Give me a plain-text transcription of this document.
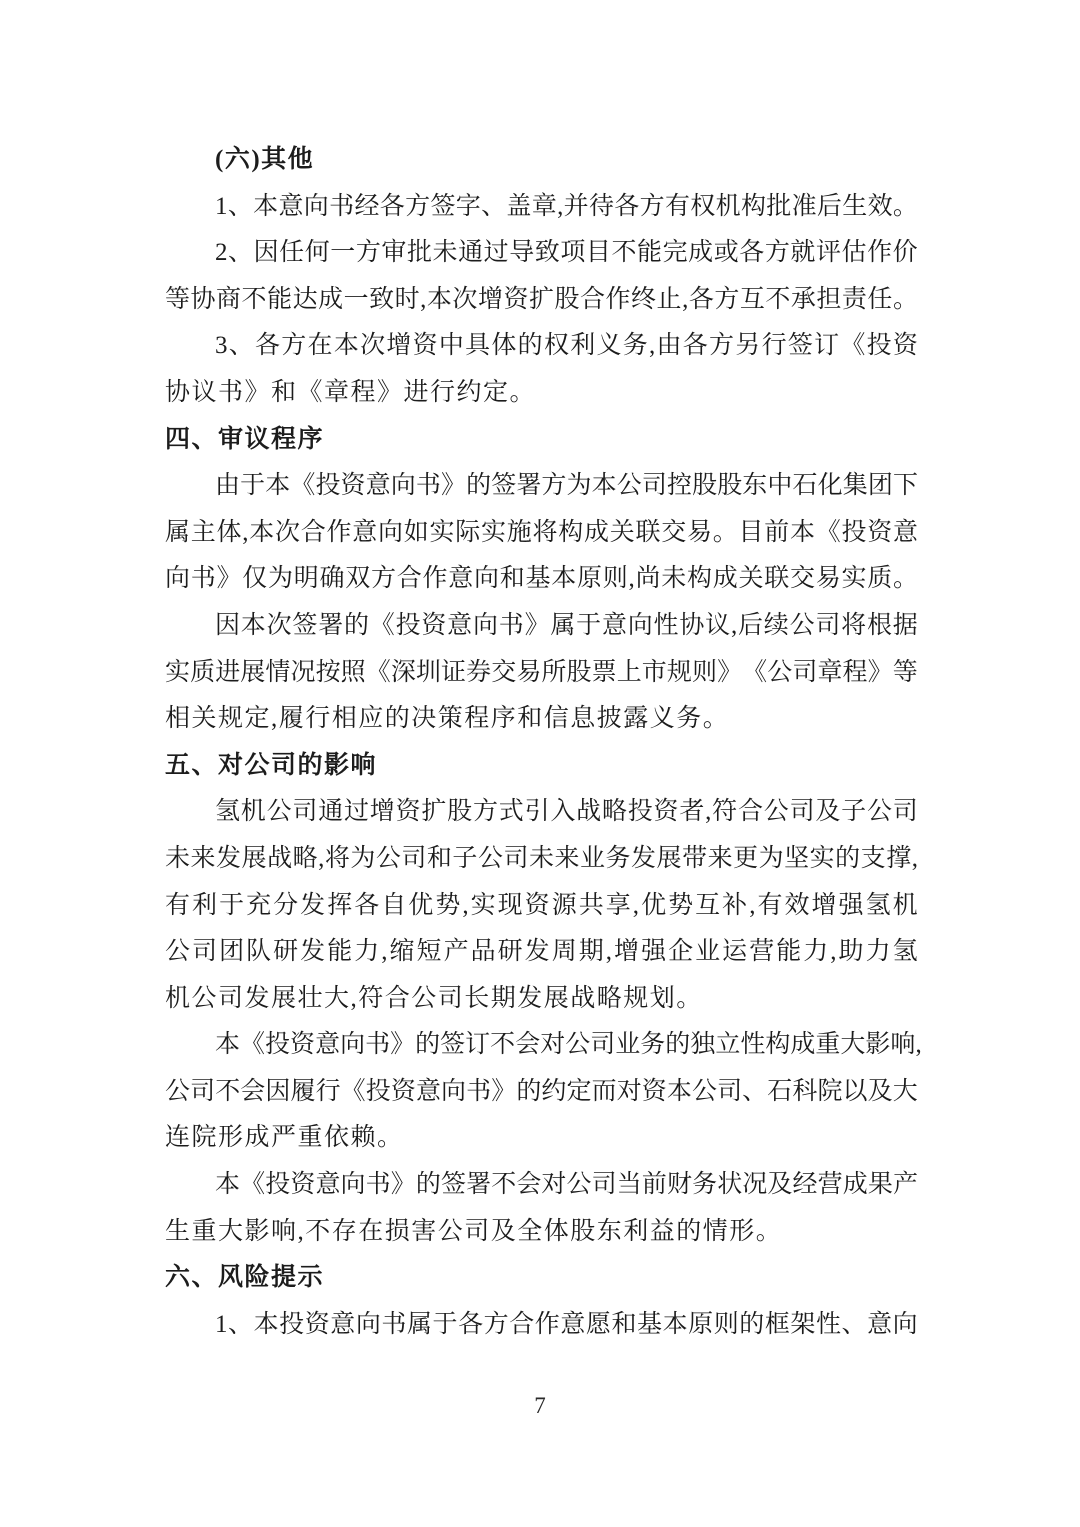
(六)其他
1 、 本 意 向 书 经 各 方 签 字 、 盖 章 , 并 待 各 方 有 权 机 构 批 准 后 生 效 。
2 、 因 任 何 一 方 审 批 未 通 过 导 致 项 目 不 能 完 成 或 各 方 就 评 估 作 价
等 协 商 不 能 达 成 一 致 时 , 本 次 增 资 扩 股 合 作 终 止 , 各 方 互 不 承 担 责 任 。
3 、 各 方 在 本 次 增 资 中 具 体 的 权 利 义 务 , 由 各 方 另 行 签 订 《 投 资
协议书》和《章程》进行约定。
四、审议程序
由 于 本 《 投 资 意 向 书 》 的 签 署 方 为 本 公 司 控 股 股 东 中 石 化 集 团 下
属 主 体 , 本 次 合 作 意 向 如 实 际 实 施 将 构 成 关 联 交 易 。 目 前 本 《 投 资 意
向 书 》 仅 为 明 确 双 方 合 作 意 向 和 基 本 原 则 , 尚 未 构 成 关 联 交 易 实 质 。
因 本 次 签 署 的 《 投 资 意 向 书 》 属 于 意 向 性 协 议 , 后 续 公 司 将 根 据
实 质 进 展 情 况 按 照 《 深 圳 证 券 交 易 所 股 票 上 市 规 则 》 《 公 司 章 程 》 等
相关规定,履行相应的决策程序和信息披露义务。
五、对公司的影响
氢 机 公 司 通 过 增 资 扩 股 方 式 引 入 战 略 投 资 者 , 符 合 公 司 及 子 公 司
未 来 发 展 战 略 , 将 为 公 司 和 子 公 司 未 来 业 务 发 展 带 来 更 为 坚 实 的 支 撑 ,
有 利 于 充 分 发 挥 各 自 优 势 , 实 现 资 源 共 享 , 优 势 互 补 , 有 效 增 强 氢 机
公 司 团 队 研 发 能 力 , 缩 短 产 品 研 发 周 期 , 增 强 企 业 运 营 能 力 , 助 力 氢
机公司发展壮大,符合公司长期发展战略规划。
本 《 投 资 意 向 书 》 的 签 订 不 会 对 公 司 业 务 的 独 立 性 构 成 重 大 影 响 ,
公 司 不 会 因 履 行 《 投 资 意 向 书 》 的 约 定 而 对 资 本 公 司 、 石 科 院 以 及 大
连院形成严重依赖。
本 《 投 资 意 向 书 》 的 签 署 不 会 对 公 司 当 前 财 务 状 况 及 经 营 成 果 产
生重大影响,不存在损害公司及全体股东利益的情形。
六、风险提示
1 、 本 投 资 意 向 书 属 于 各 方 合 作 意 愿 和 基 本 原 则 的 框 架 性 、 意 向
7
